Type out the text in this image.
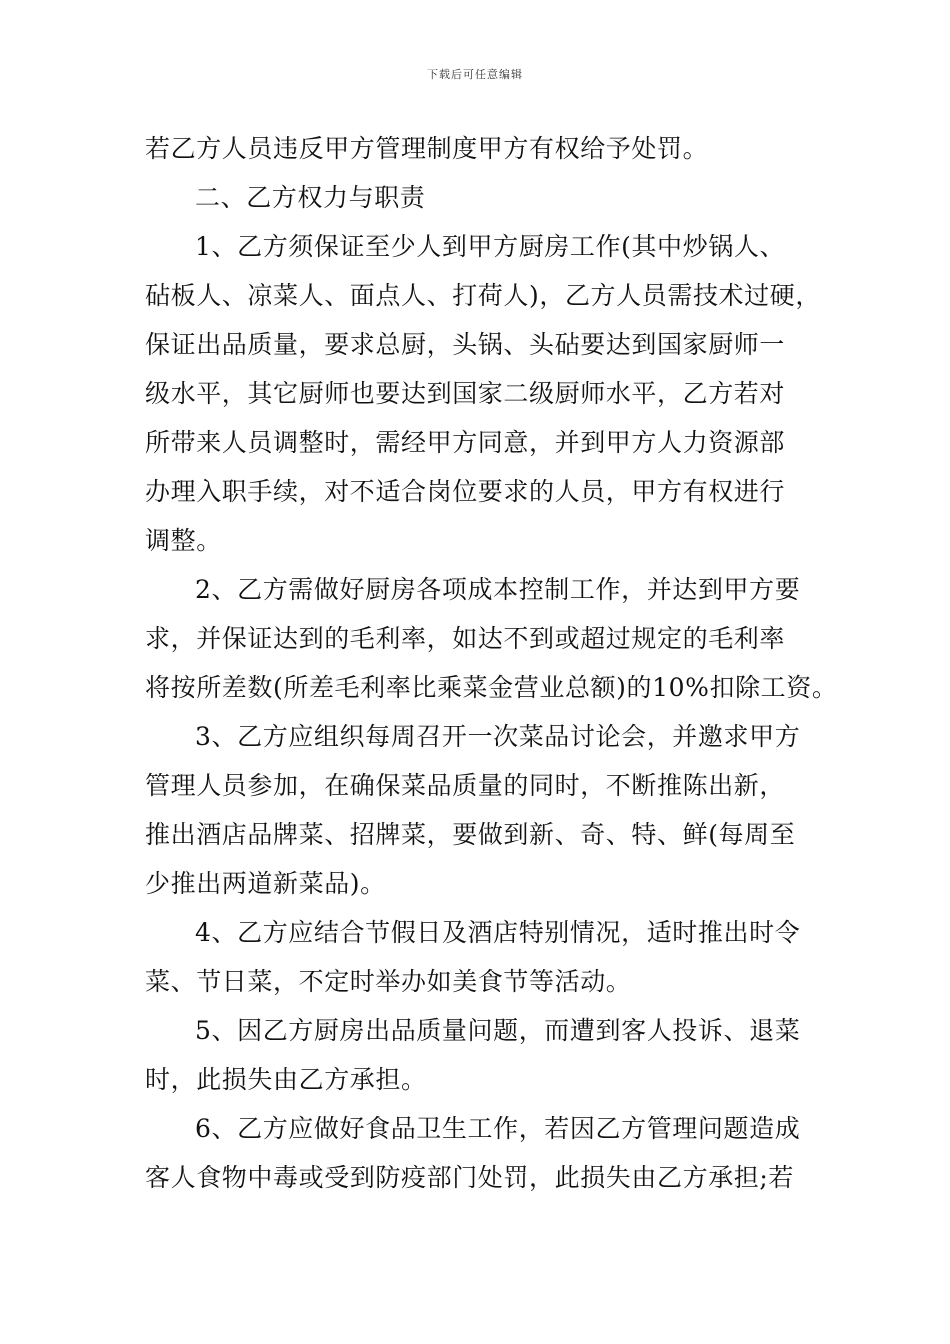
下载后可任意编辑
若乙方人员违反甲方管理制度甲方有权给予处罚。
二、乙方权力与职责
1、乙方须保证至少人到甲方厨房工作(其中炒锅人、
砧板人、凉菜人、面点人、打荷人)，乙方人员需技术过硬，
保证出品质量，要求总厨，头锅、头砧要达到国家厨师一
级水平，其它厨师也要达到国家二级厨师水平，乙方若对
所带来人员调整时，需经甲方同意，并到甲方人力资源部
办理入职手续，对不适合岗位要求的人员，甲方有权进行
调整。
2、乙方需做好厨房各项成本控制工作，并达到甲方要
求，并保证达到的毛利率，如达不到或超过规定的毛利率
将按所差数(所差毛利率比乘菜金营业总额)的10%扣除工资。
3、乙方应组织每周召开一次菜品讨论会，并邀求甲方
管理人员参加，在确保菜品质量的同时，不断推陈出新，
推出酒店品牌菜、招牌菜，要做到新、奇、特、鲜(每周至
少推出两道新菜品)。
4、乙方应结合节假日及酒店特别情况，适时推出时令
菜、节日菜，不定时举办如美食节等活动。
5、因乙方厨房出品质量问题，而遭到客人投诉、退菜
时，此损失由乙方承担。
6、乙方应做好食品卫生工作，若因乙方管理问题造成
客人食物中毒或受到防疫部门处罚，此损失由乙方承担;若
